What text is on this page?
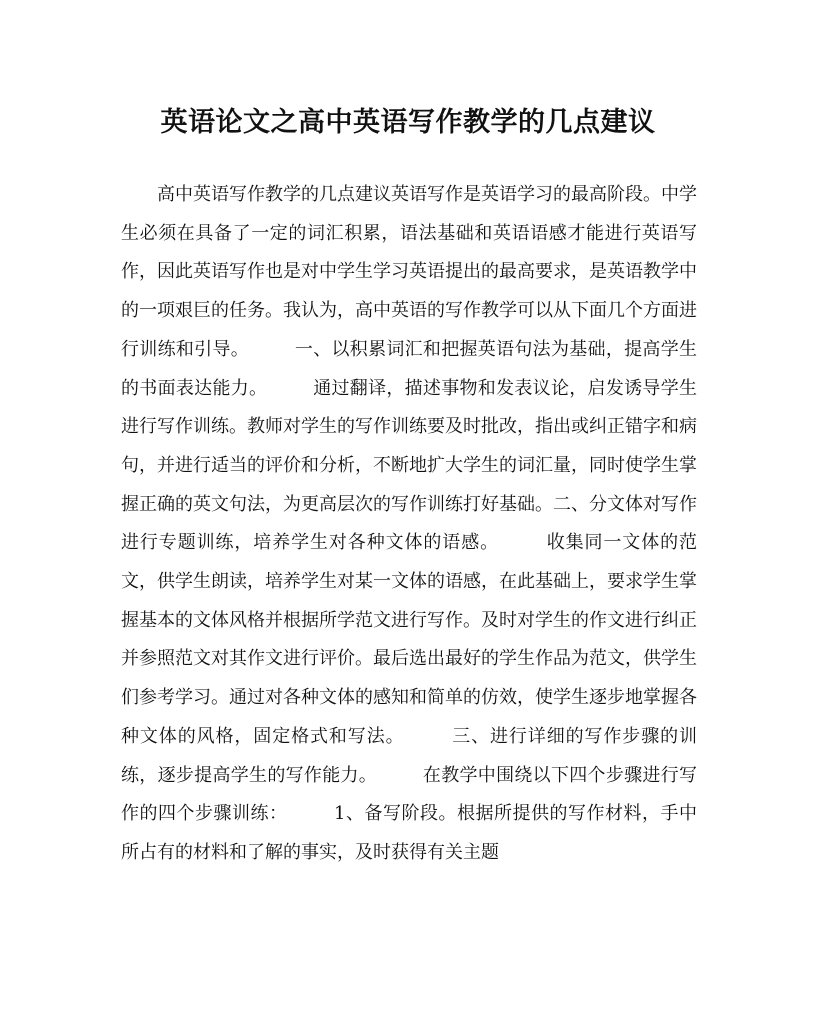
英语论文之高中英语写作教学的几点建议

高中英语写作教学的几点建议英语写作是英语学习的最高阶段。中学生必须在具备了一定的词汇积累，语法基础和英语语感才能进行英语写作，因此英语写作也是对中学生学习英语提出的最高要求，是英语教学中的一项艰巨的任务。我认为，高中英语的写作教学可以从下面几个方面进行训练和引导。　　　一、以积累词汇和把握英语句法为基础，提高学生的书面表达能力。　　　通过翻译，描述事物和发表议论，启发诱导学生进行写作训练。教师对学生的写作训练要及时批改，指出或纠正错字和病句，并进行适当的评价和分析，不断地扩大学生的词汇量，同时使学生掌握正确的英文句法，为更高层次的写作训练打好基础。二、分文体对写作进行专题训练，培养学生对各种文体的语感。　　　收集同一文体的范文，供学生朗读，培养学生对某一文体的语感，在此基础上，要求学生掌握基本的文体风格并根据所学范文进行写作。及时对学生的作文进行纠正并参照范文对其作文进行评价。最后选出最好的学生作品为范文，供学生们参考学习。通过对各种文体的感知和简单的仿效，使学生逐步地掌握各种文体的风格，固定格式和写法。　　　三、进行详细的写作步骤的训练，逐步提高学生的写作能力。　　　在教学中围绕以下四个步骤进行写作的四个步骤训练：　　　1、备写阶段。根据所提供的写作材料，手中所占有的材料和了解的事实，及时获得有关主题
